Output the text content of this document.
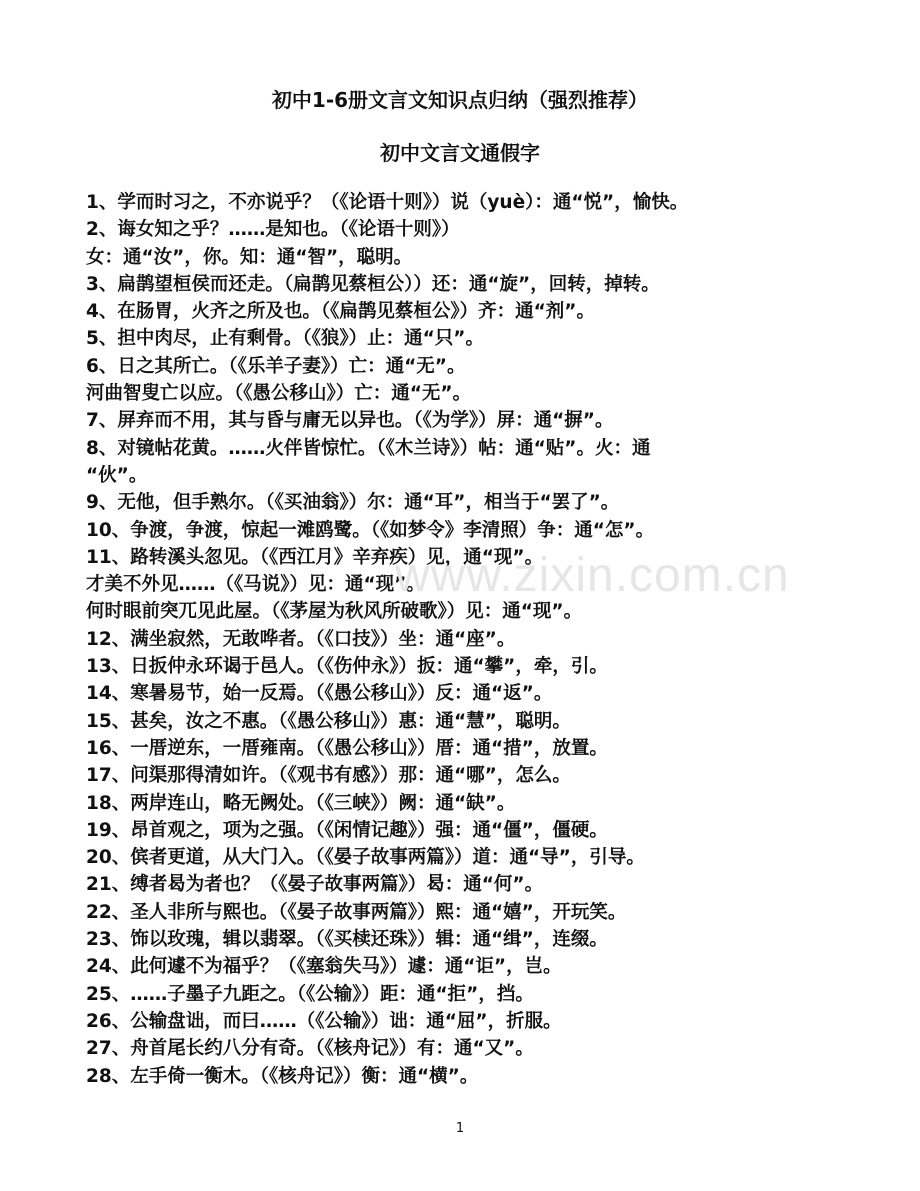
初中1-6册文言文知识点归纳（强烈推荐）
初中文言文通假字
1、学而时习之，不亦说乎？（《论语十则》）说（yuè）：通“悦”，愉快。
2、诲女知之乎？……是知也。（《论语十则》）
女：通“汝”，你。知：通“智”，聪明。
3、扁鹊望桓侯而还走。（扁鹊见蔡桓公））还：通“旋”，回转，掉转。
4、在肠胃，火齐之所及也。（《扁鹊见蔡桓公》）齐：通“剂”。
5、担中肉尽，止有剩骨。（《狼》）止：通“只”。
6、日之其所亡。（《乐羊子妻》）亡：通“无”。
河曲智叟亡以应。（《愚公移山》）亡：通“无”。
7、屏弃而不用，其与昏与庸无以异也。（《为学》）屏：通“摒”。
8、对镜帖花黄。……火伴皆惊忙。（《木兰诗》）帖：通“贴”。火：通
“伙”。
9、无他，但手熟尔。（《买油翁》）尔：通“耳”，相当于“罢了”。
10、争渡，争渡，惊起一滩鸥鹭。（《如梦令》李清照）争：通“怎”。
11、路转溪头忽见。（《西江月》辛弃疾）见，通“现”。
才美不外见……（《马说》）见：通“现”。
何时眼前突兀见此屋。（《茅屋为秋风所破歌》）见：通“现”。
12、满坐寂然，无敢哗者。（《口技》）坐：通“座”。
13、日扳仲永环谒于邑人。（《伤仲永》）扳：通“攀”，牵，引。
14、寒暑易节，始一反焉。（《愚公移山》）反：通“返”。
15、甚矣，汝之不惠。（《愚公移山》）惠：通“慧”，聪明。
16、一厝逆东，一厝雍南。（《愚公移山》）厝：通“措”，放置。
17、问渠那得清如许。（《观书有感》）那：通“哪”，怎么。
18、两岸连山，略无阙处。（《三峡》）阙：通“缺”。
19、昂首观之，项为之强。（《闲情记趣》）强：通“僵”，僵硬。
20、傧者更道，从大门入。（《晏子故事两篇》）道：通“导”，引导。
21、缚者曷为者也？（《晏子故事两篇》）曷：通“何”。
22、圣人非所与熙也。（《晏子故事两篇》）熙：通“嬉”，开玩笑。
23、饰以玫瑰，辑以翡翠。（《买椟还珠》）辑：通“缉”，连缀。
24、此何遽不为福乎？（《塞翁失马》）遽：通“讵”，岂。
25、……子墨子九距之。（《公输》）距：通“拒”，挡。
26、公输盘诎，而曰……（《公输》）诎：通“屈”，折服。
27、舟首尾长约八分有奇。（《核舟记》）有：通“又”。
28、左手倚一衡木。（《核舟记》）衡：通“横”。
www.zixin.com.cn
1
